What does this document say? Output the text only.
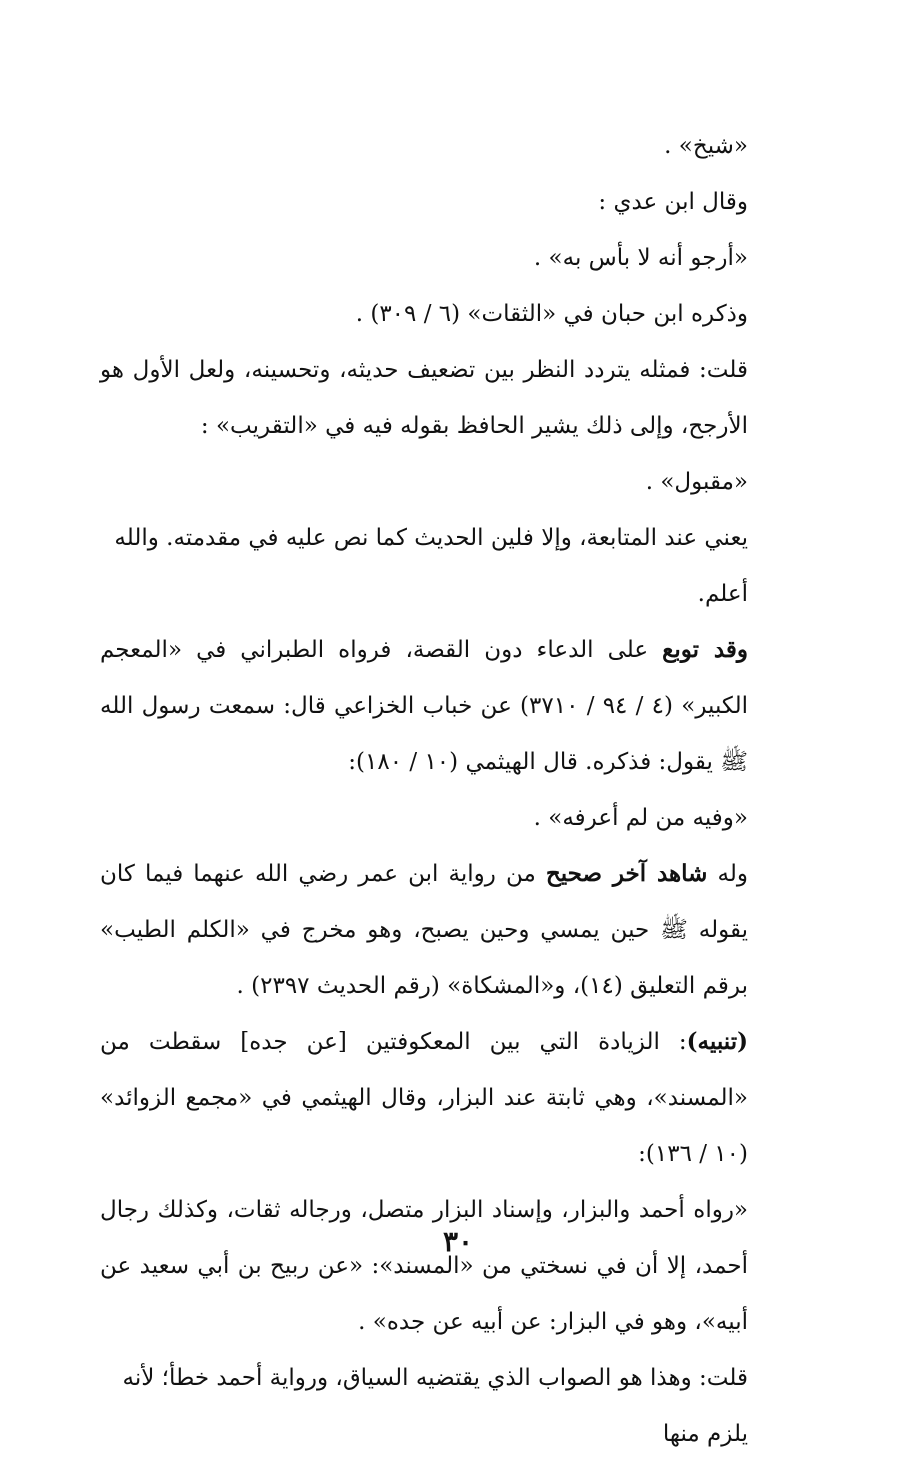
«شيخ» .

وقال ابن عدي :

«أرجو أنه لا بأس به» .

وذكره ابن حبان في «الثقات» (٦ / ٣٠٩) .

قلت: فمثله يتردد النظر بين تضعيف حديثه، وتحسينه، ولعل الأول هو الأرجح، وإلى ذلك يشير الحافظ بقوله فيه في «التقريب» :

«مقبول» .

يعني عند المتابعة، وإلا فلين الحديث كما نص عليه في مقدمته. والله أعلم.

وقد توبع على الدعاء دون القصة، فرواه الطبراني في «المعجم الكبير» (٤ / ٩٤ / ٣٧١٠) عن خباب الخزاعي قال: سمعت رسول الله ﷺ يقول: فذكره. قال الهيثمي (١٠ / ١٨٠):

«وفيه من لم أعرفه» .

وله شاهد آخر صحيح من رواية ابن عمر رضي الله عنهما فيما كان يقوله ﷺ حين يمسي وحين يصبح، وهو مخرج في «الكلم الطيب» برقم التعليق (١٤)، و«المشكاة» (رقم الحديث ٢٣٩٧) .

(تنبيه): الزيادة التي بين المعكوفتين [عن جده] سقطت من «المسند»، وهي ثابتة عند البزار، وقال الهيثمي في «مجمع الزوائد» (١٠ / ١٣٦):

«رواه أحمد والبزار، وإسناد البزار متصل، ورجاله ثقات، وكذلك رجال أحمد، إلا أن في نسختي من «المسند»: «عن ربيح بن أبي سعيد عن أبيه»، وهو في البزار: عن أبيه عن جده» .

قلت: وهذا هو الصواب الذي يقتضيه السياق، ورواية أحمد خطأ؛ لأنه يلزم منها

٣٠
